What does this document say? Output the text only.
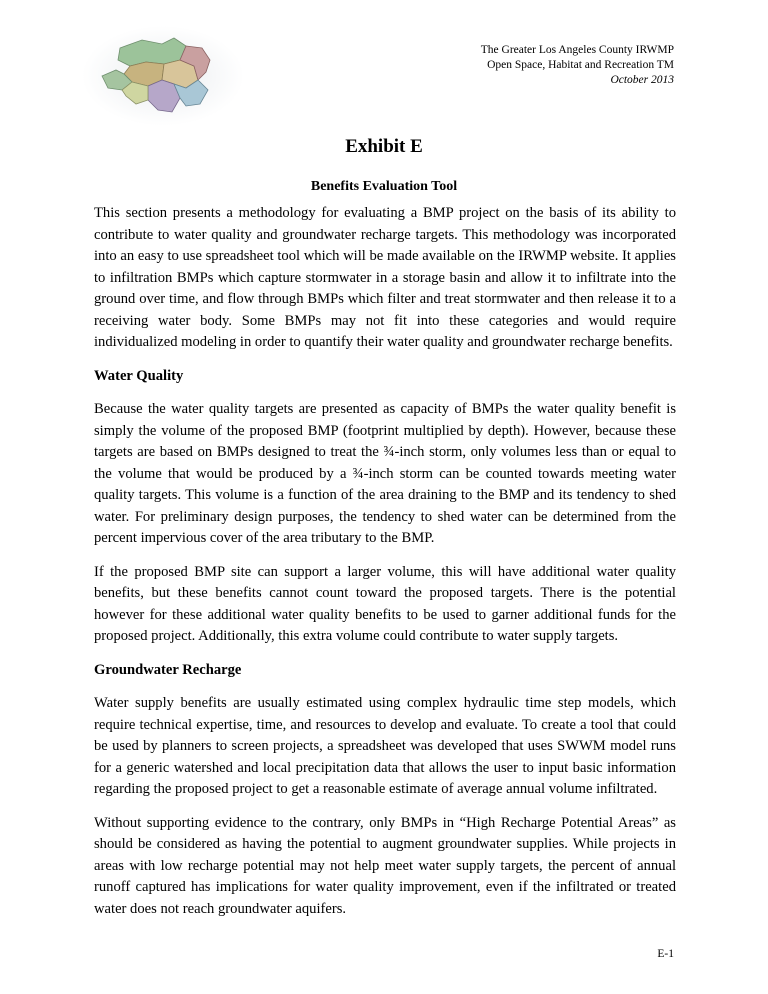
The Greater Los Angeles County IRWMP
Open Space, Habitat and Recreation TM
October 2013
Exhibit E
Benefits Evaluation Tool

This section presents a methodology for evaluating a BMP project on the basis of its ability to contribute to water quality and groundwater recharge targets. This methodology was incorporated into an easy to use spreadsheet tool which will be made available on the IRWMP website. It applies to infiltration BMPs which capture stormwater in a storage basin and allow it to infiltrate into the ground over time, and flow through BMPs which filter and treat stormwater and then release it to a receiving water body. Some BMPs may not fit into these categories and would require individualized modeling in order to quantify their water quality and groundwater recharge benefits.

Water Quality

Because the water quality targets are presented as capacity of BMPs the water quality benefit is simply the volume of the proposed BMP (footprint multiplied by depth). However, because these targets are based on BMPs designed to treat the ¾-inch storm, only volumes less than or equal to the volume that would be produced by a ¾-inch storm can be counted towards meeting water quality targets. This volume is a function of the area draining to the BMP and its tendency to shed water. For preliminary design purposes, the tendency to shed water can be determined from the percent impervious cover of the area tributary to the BMP.

If the proposed BMP site can support a larger volume, this will have additional water quality benefits, but these benefits cannot count toward the proposed targets. There is the potential however for these additional water quality benefits to be used to garner additional funds for the proposed project. Additionally, this extra volume could contribute to water supply targets.

Groundwater Recharge

Water supply benefits are usually estimated using complex hydraulic time step models, which require technical expertise, time, and resources to develop and evaluate. To create a tool that could be used by planners to screen projects, a spreadsheet was developed that uses SWWM model runs for a generic watershed and local precipitation data that allows the user to input basic information regarding the proposed project to get a reasonable estimate of average annual volume infiltrated.

Without supporting evidence to the contrary, only BMPs in “High Recharge Potential Areas” as should be considered as having the potential to augment groundwater supplies. While projects in areas with low recharge potential may not help meet water supply targets, the percent of annual runoff captured has implications for water quality improvement, even if the infiltrated or treated water does not reach groundwater aquifers.

E-1
